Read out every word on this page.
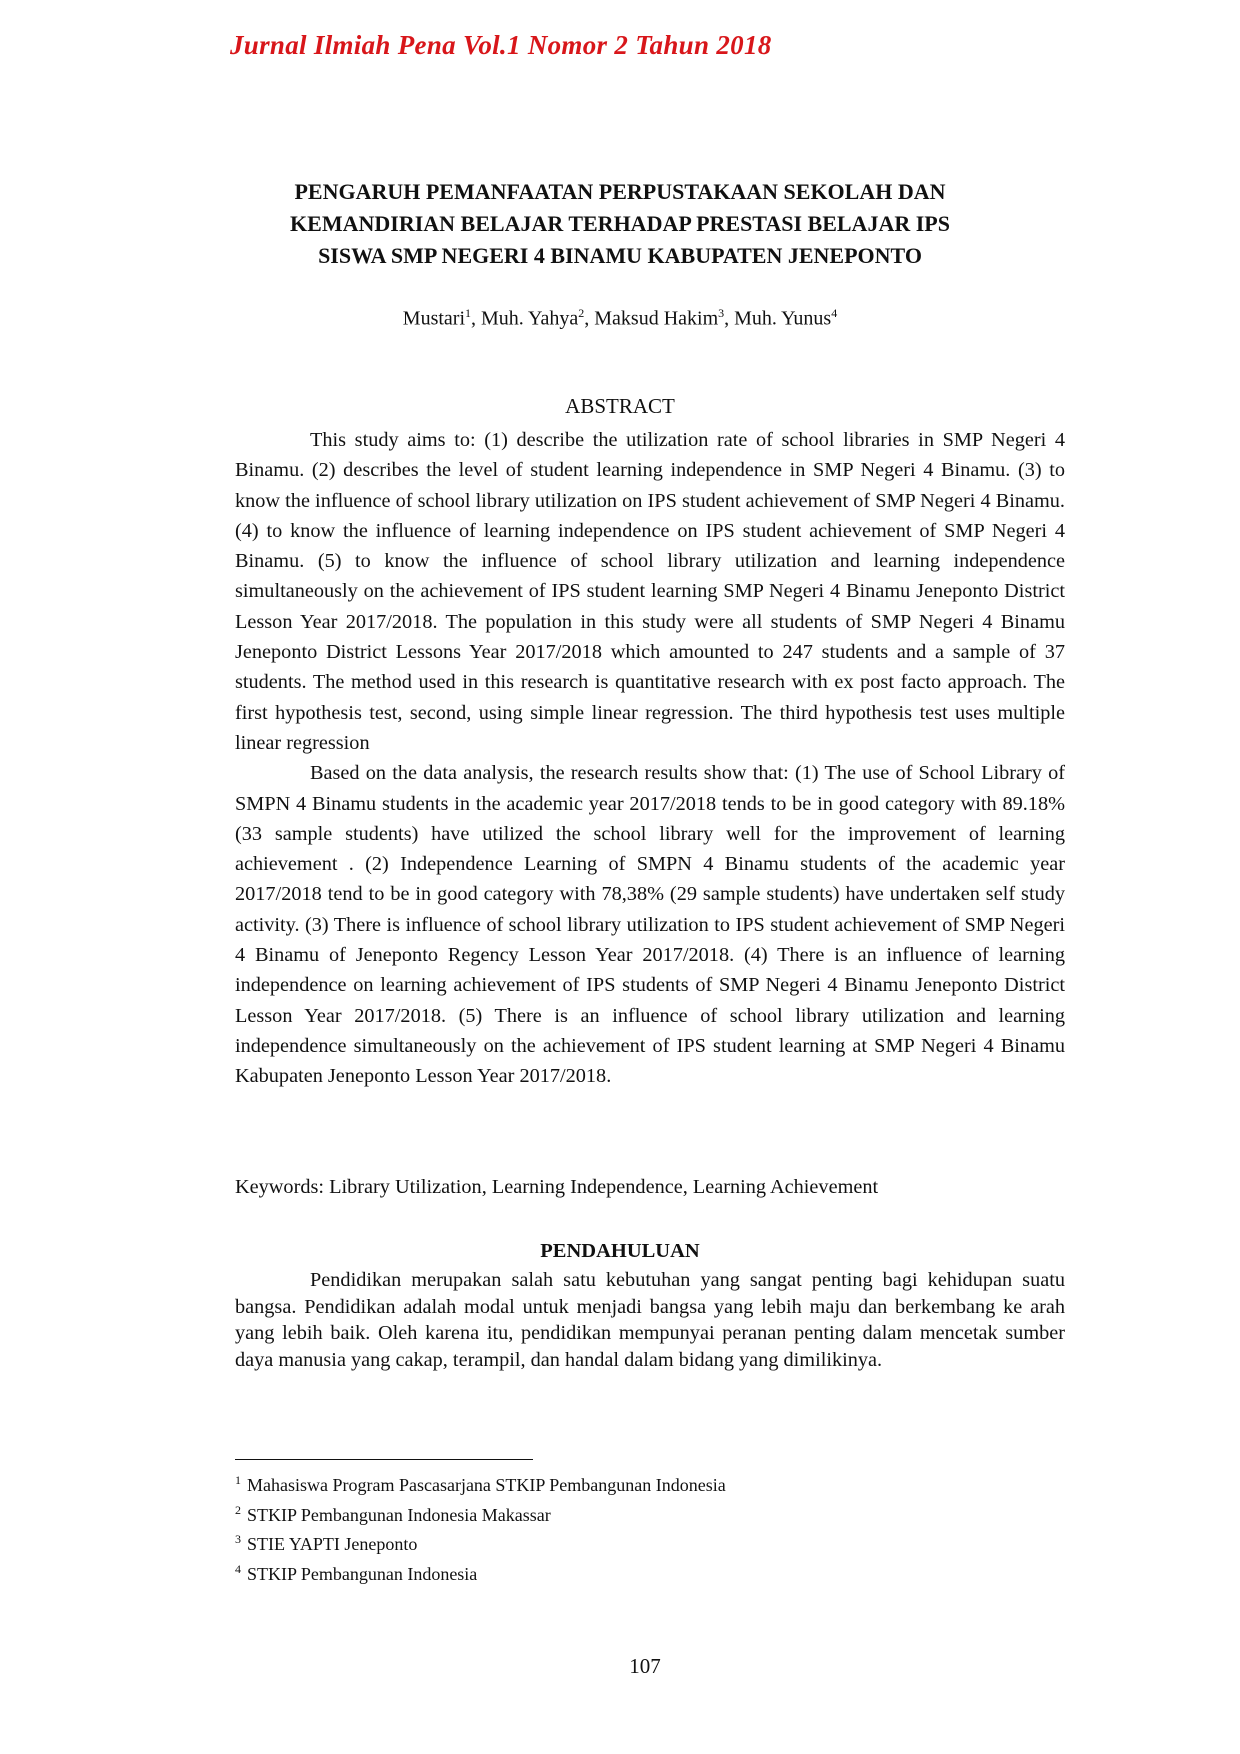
Jurnal Ilmiah Pena Vol.1 Nomor 2 Tahun 2018
PENGARUH PEMANFAATAN PERPUSTAKAAN SEKOLAH DAN
KEMANDIRIAN BELAJAR TERHADAP PRESTASI BELAJAR IPS
SISWA SMP NEGERI 4 BINAMU KABUPATEN JENEPONTO
Mustari$^1$, Muh. Yahya$^2$, Maksud Hakim$^3$, Muh. Yunus$^4$
ABSTRACT

This study aims to: (1) describe the utilization rate of school libraries in SMP Negeri 4 Binamu. (2) describes the level of student learning independence in SMP Negeri 4 Binamu. (3) to know the influence of school library utilization on IPS student achievement of SMP Negeri 4 Binamu. (4) to know the influence of learning independence on IPS student achievement of SMP Negeri 4 Binamu. (5) to know the influence of school library utilization and learning independence simultaneously on the achievement of IPS student learning SMP Negeri 4 Binamu Jeneponto District Lesson Year 2017/2018. The population in this study were all students of SMP Negeri 4 Binamu Jeneponto District Lessons Year 2017/2018 which amounted to 247 students and a sample of 37 students. The method used in this research is quantitative research with ex post facto approach. The first hypothesis test, second, using simple linear regression. The third hypothesis test uses multiple linear regression

Based on the data analysis, the research results show that: (1) The use of School Library of SMPN 4 Binamu students in the academic year 2017/2018 tends to be in good category with 89.18% (33 sample students) have utilized the school library well for the improvement of learning achievement . (2) Independence Learning of SMPN 4 Binamu students of the academic year 2017/2018 tend to be in good category with 78,38% (29 sample students) have undertaken self study activity. (3) There is influence of school library utilization to IPS student achievement of SMP Negeri 4 Binamu of Jeneponto Regency Lesson Year 2017/2018. (4) There is an influence of learning independence on learning achievement of IPS students of SMP Negeri 4 Binamu Jeneponto District Lesson Year 2017/2018. (5) There is an influence of school library utilization and learning independence simultaneously on the achievement of IPS student learning at SMP Negeri 4 Binamu Kabupaten Jeneponto Lesson Year 2017/2018.

Keywords: Library Utilization, Learning Independence, Learning Achievement
PENDAHULUAN

Pendidikan merupakan salah satu kebutuhan yang sangat penting bagi kehidupan suatu bangsa. Pendidikan adalah modal untuk menjadi bangsa yang lebih maju dan berkembang ke arah yang lebih baik. Oleh karena itu, pendidikan mempunyai peranan penting dalam mencetak sumber daya manusia yang cakap, terampil, dan handal dalam bidang yang dimilikinya.

$^1$ Mahasiswa Program Pascasarjana STKIP Pembangunan Indonesia
$^2$ STKIP Pembangunan Indonesia Makassar
$^3$ STIE YAPTI Jeneponto
$^4$ STKIP Pembangunan Indonesia
107
